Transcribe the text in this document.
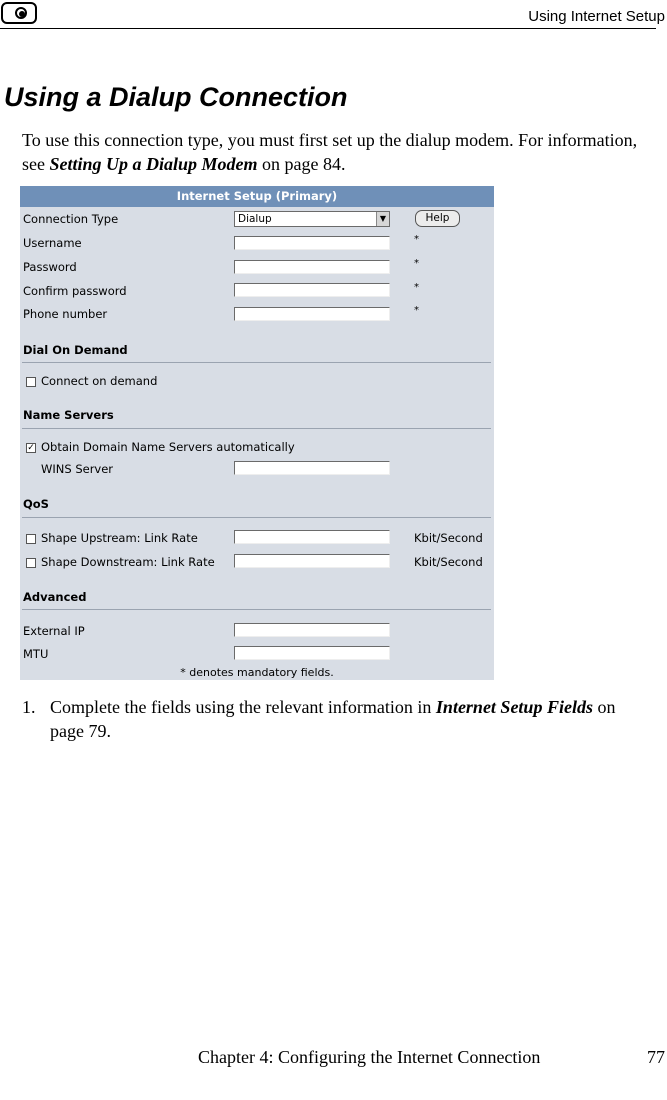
Using Internet Setup
Using a Dialup Connection

To use this connection type, you must first set up the dialup modem. For information, see Setting Up a Dialup Modem on page 84.

Internet Setup (Primary)
Connection Type	Dialup	▼	Help
Username	*
Password	*
Confirm password	*
Phone number	*
Dial On Demand
Connect on demand
Name Servers
✓ Obtain Domain Name Servers automatically
WINS Server
QoS
Shape Upstream: Link Rate	Kbit/Second
Shape Downstream: Link Rate	Kbit/Second
Advanced
External IP
MTU
* denotes mandatory fields.
1. Complete the fields using the relevant information in Internet Setup Fields on page 79.
Chapter 4: Configuring the Internet Connection	77
